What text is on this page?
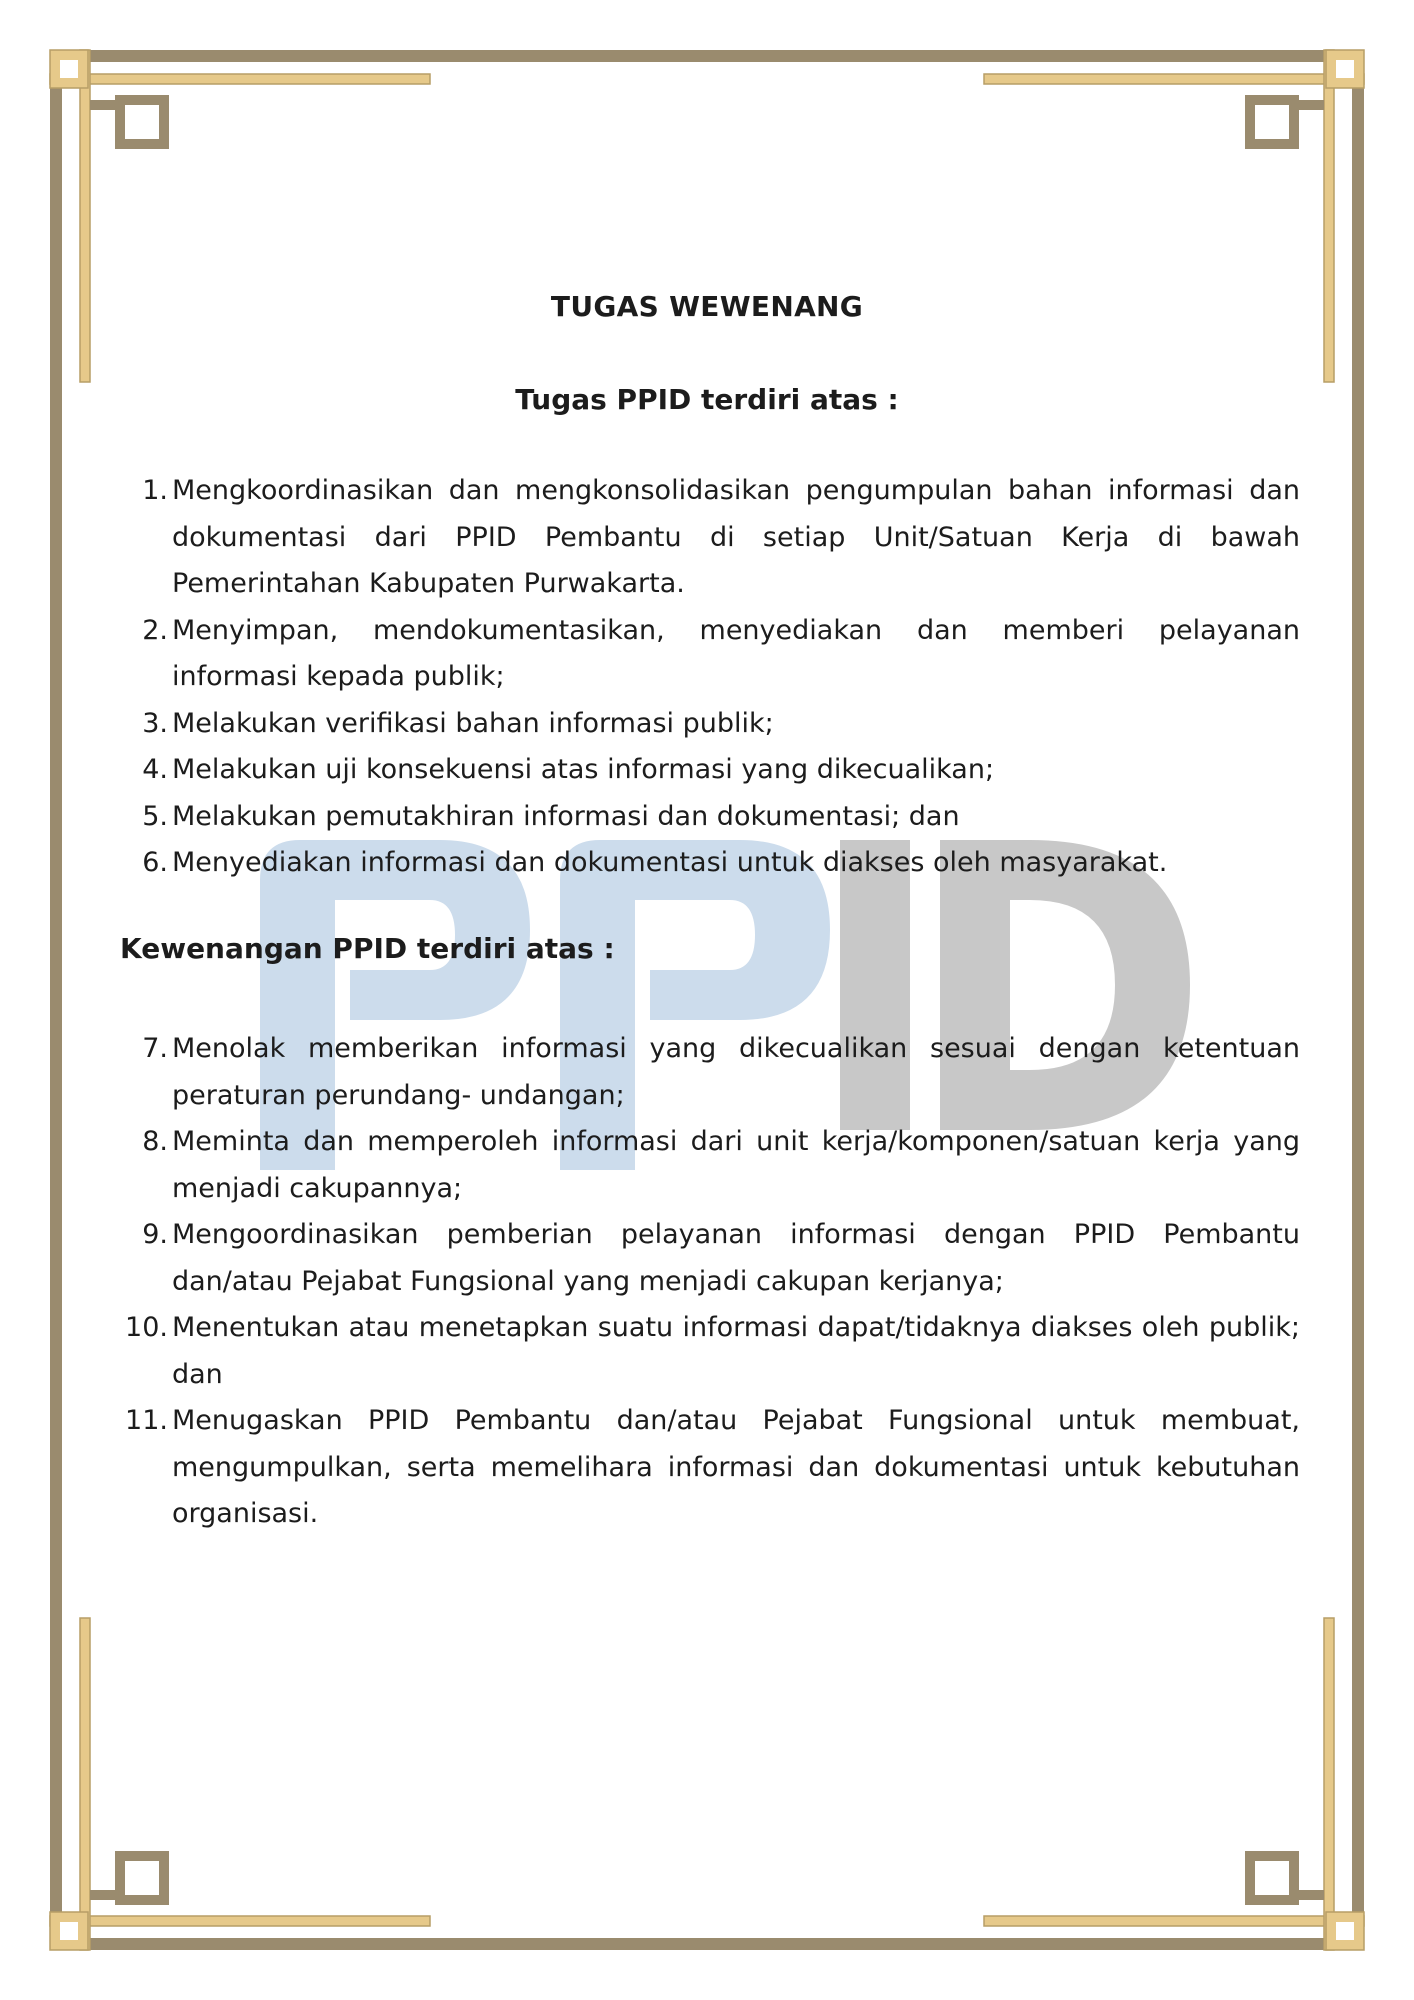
TUGAS WEWENANG
Tugas PPID terdiri atas :
1. Mengkoordinasikan dan mengkonsolidasikan pengumpulan bahan informasi dan dokumentasi dari PPID Pembantu di setiap Unit/Satuan Kerja di bawah Pemerintahan Kabupaten Purwakarta.
2. Menyimpan, mendokumentasikan, menyediakan dan memberi pelayanan informasi kepada publik;
3. Melakukan verifikasi bahan informasi publik;
4. Melakukan uji konsekuensi atas informasi yang dikecualikan;
5. Melakukan pemutakhiran informasi dan dokumentasi; dan
6. Menyediakan informasi dan dokumentasi untuk diakses oleh masyarakat.
Kewenangan PPID terdiri atas :
7. Menolak memberikan informasi yang dikecualikan sesuai dengan ketentuan peraturan perundang- undangan;
8. Meminta dan memperoleh informasi dari unit kerja/komponen/satuan kerja yang menjadi cakupannya;
9. Mengoordinasikan pemberian pelayanan informasi dengan PPID Pembantu dan/atau Pejabat Fungsional yang menjadi cakupan kerjanya;
10. Menentukan atau menetapkan suatu informasi dapat/tidaknya diakses oleh publik; dan
11. Menugaskan PPID Pembantu dan/atau Pejabat Fungsional untuk membuat, mengumpulkan, serta memelihara informasi dan dokumentasi untuk kebutuhan organisasi.
